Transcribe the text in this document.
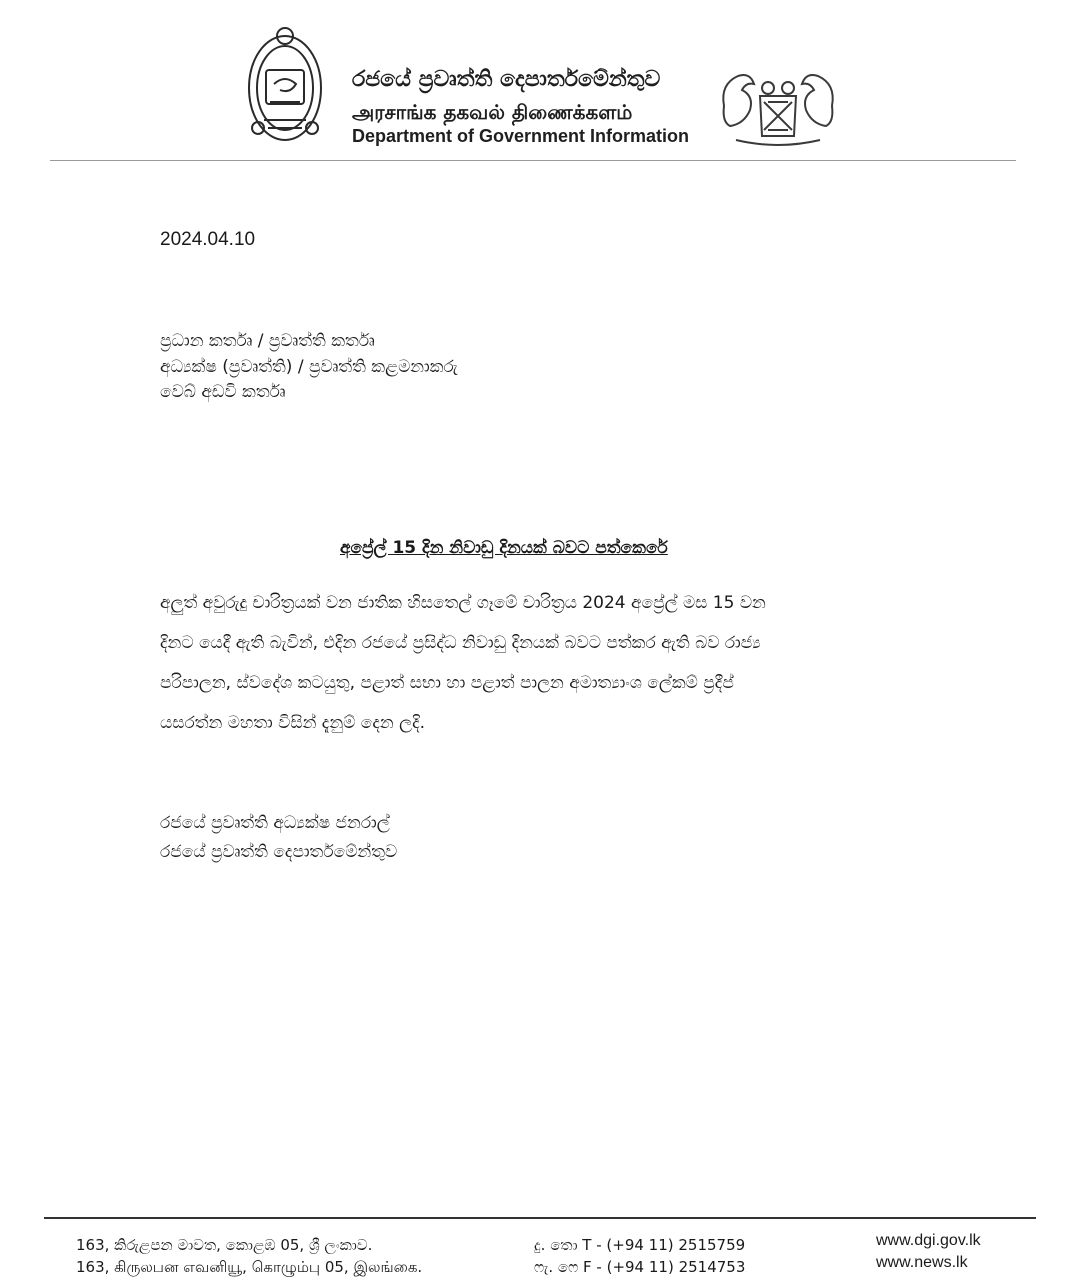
රජයේ ප්‍රවෘත්ති දෙපාර්තමේන්තුව
அரசாங்க தகவல் திணைக்களம்
Department of Government Information
2024.04.10
ප්‍රධාන කර්තෘ / ප්‍රවෘත්ති කර්තෘ
අධ්‍යක්ෂ (ප්‍රවෘත්ති) / ප්‍රවෘත්ති කළමනාකරු
වෙබ් අඩවි කර්තෘ
අප්‍රේල් 15 දින නිවාඩු දිනයක් බවට පත්කෙරේ
අලුත් අවුරුදු චාරිත්‍රයක් වන ජාතික හිසතෙල් ගෑමේ චාරිත්‍රය 2024 අප්‍රේල් මස 15 වන
දිනට යෙදී ඇති බැවින්, එදින රජයේ ප්‍රසිද්ධ නිවාඩු දිනයක් බවට පත්කර ඇති බව රාජ්‍ය
පරිපාලන, ස්වදේශ කටයුතු, පළාත් සභා හා පළාත් පාලන අමාත්‍යාංශ ලේකම් ප්‍රදීප්
යසරත්න මහතා විසින් දැනුම් දෙන ලදි.
රජයේ ප්‍රවෘත්ති අධ්‍යක්ෂ ජනරාල්
රජයේ ප්‍රවෘත්ති දෙපාර්තමේන්තුව
163, කිරුළපන මාවත, කොළඹ 05, ශ්‍රී ලංකාව.
163, கிருலபன எவனியூ, கொழும்பு 05, இலங்கை.
දු. තො T - (+94 11) 2515759
ෆැ. ෆෙ F - (+94 11) 2514753
www.dgi.gov.lk
www.news.lk
